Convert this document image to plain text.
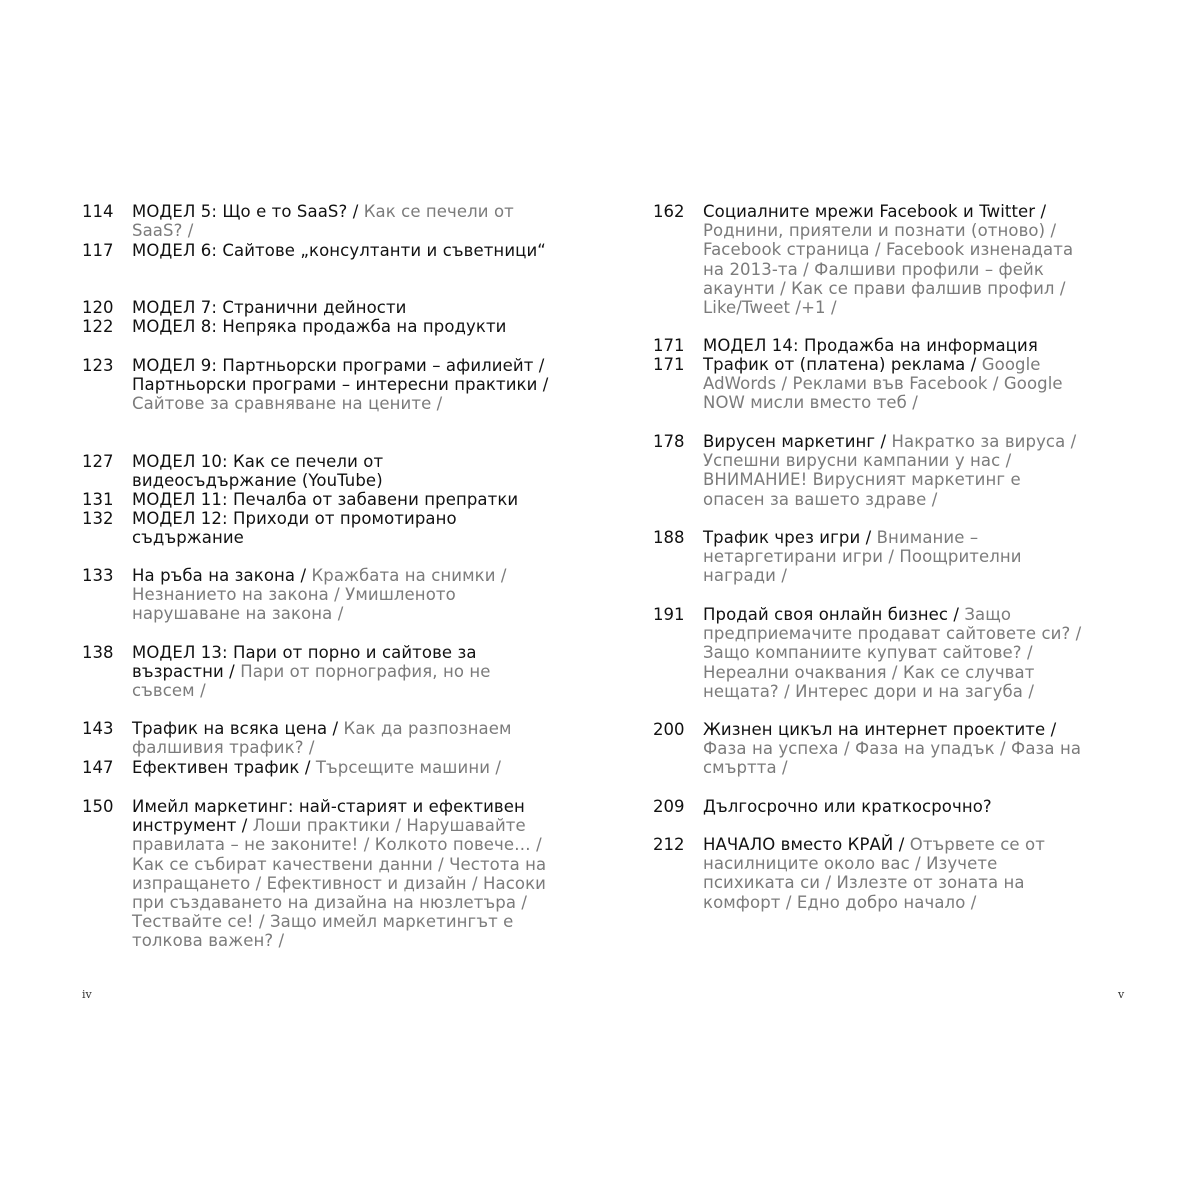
114	МОДЕЛ 5: Що е то SaaS? / Как се печели от SaaS? /
117	МОДЕЛ 6: Сайтове „консултанти и съветници“
120	МОДЕЛ 7: Странични дейности
122	МОДЕЛ 8: Непряка продажба на продукти
123	МОДЕЛ 9: Партньорски програми – афилиейт / Партньорски програми – интересни практики / Сайтове за сравняване на цените /
127	МОДЕЛ 10: Как се печели от видеосъдържание (YouTube)
131	МОДЕЛ 11: Печалба от забавени препратки
132	МОДЕЛ 12: Приходи от промотирано съдържание
133	На ръба на закона / Кражбата на снимки / Незнанието на закона / Умишленото нарушаване на закона /
138	МОДЕЛ 13: Пари от порно и сайтове за възрастни / Пари от порнография, но не съвсем /
143	Трафик на всяка цена / Как да разпознаем фалшивия трафик? /
147	Ефективен трафик / Търсещите машини /
150	Имейл маркетинг: най-старият и ефективен инструмент / Лоши практики / Нарушавайте правилата – не законите! / Колкото повече… / Как се събират качествени данни / Честота на изпращането / Ефективност и дизайн / Насоки при създаването на дизайна на нюзлетъра / Тествайте се! / Защо имейл маркетингът е толкова важен? /
iv
162	Социалните мрежи Facebook и Twitter / Роднини, приятели и познати (отново) / Facebook страница / Facebook изненадата на 2013-та / Фалшиви профили – фейк акаунти / Как се прави фалшив профил / Like/Tweet /+1 /
171	МОДЕЛ 14: Продажба на информация
171	Трафик от (платена) реклама / Google AdWords / Реклами във Facebook / Google NOW мисли вместо теб /
178	Вирусен маркетинг / Накратко за вируса / Успешни вирусни кампании у нас / ВНИМАНИЕ! Вирусният маркетинг е опасен за вашето здраве /
188	Трафик чрез игри / Внимание – нетаргетирани игри / Поощрителни награди /
191	Продай своя онлайн бизнес / Защо предприемачите продават сайтовете си? / Защо компаниите купуват сайтове? / Нереални очаквания / Как се случват нещата? / Интерес дори и на загуба /
200	Жизнен цикъл на интернет проектите / Фаза на успеха / Фаза на упадък / Фаза на смъртта /
209	Дългосрочно или краткосрочно?
212	НАЧАЛО вместо КРАЙ / Отървете се от насилниците около вас / Изучете психиката си / Излезте от зоната на комфорт / Едно добро начало /
v
